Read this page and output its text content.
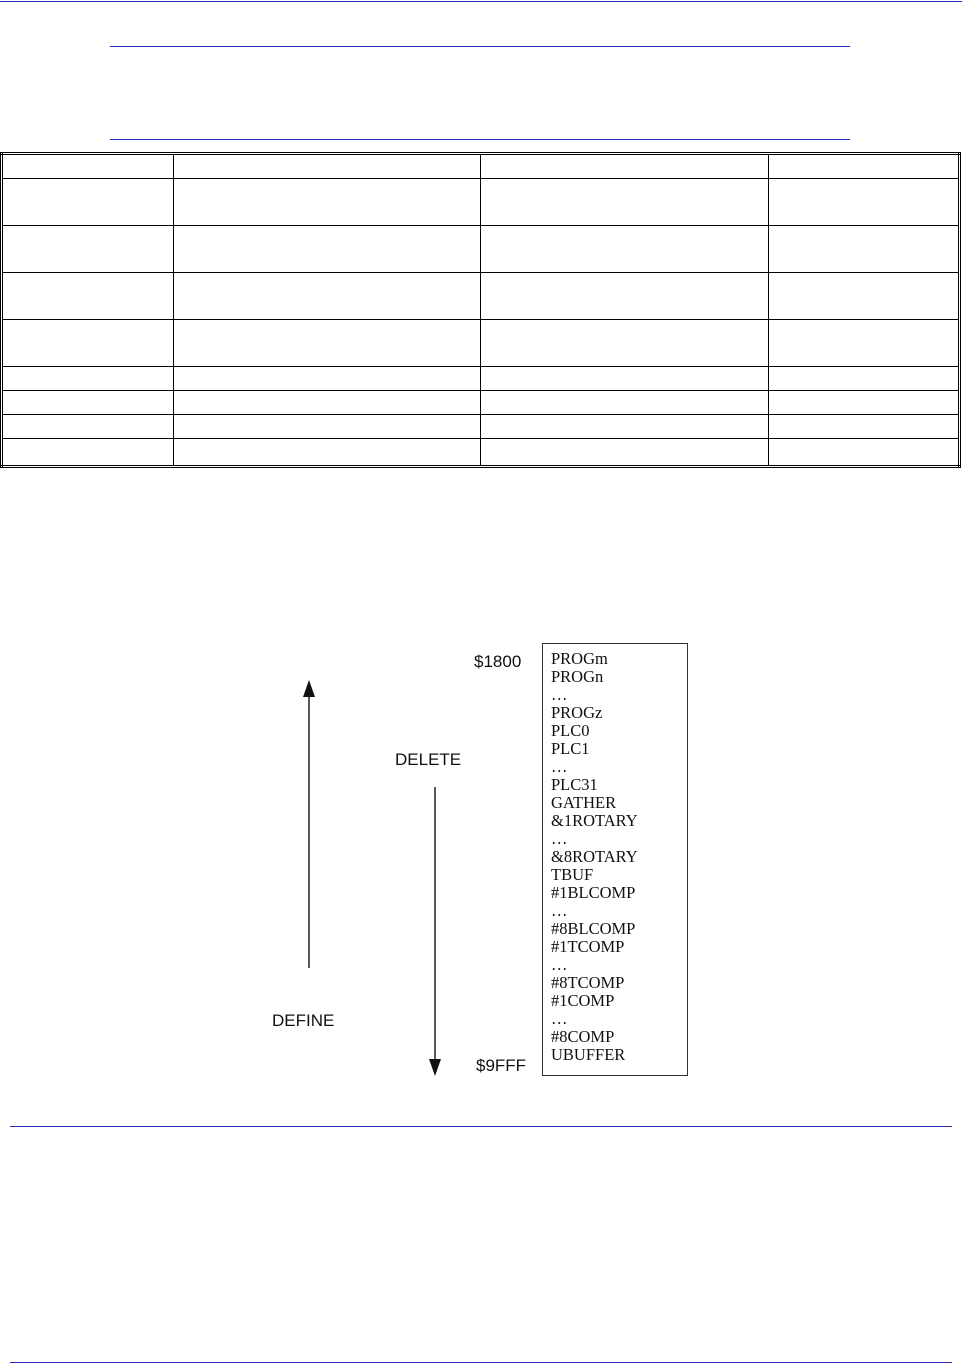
DELETE
DEFINE
$1800
$9FFF
PROGm
PROGn
…
PROGz
PLC0
PLC1
…
PLC31
GATHER
&1ROTARY
…
&8ROTARY
TBUF
#1BLCOMP
…
#8BLCOMP
#1TCOMP
…
#8TCOMP
#1COMP
…
#8COMP
UBUFFER
